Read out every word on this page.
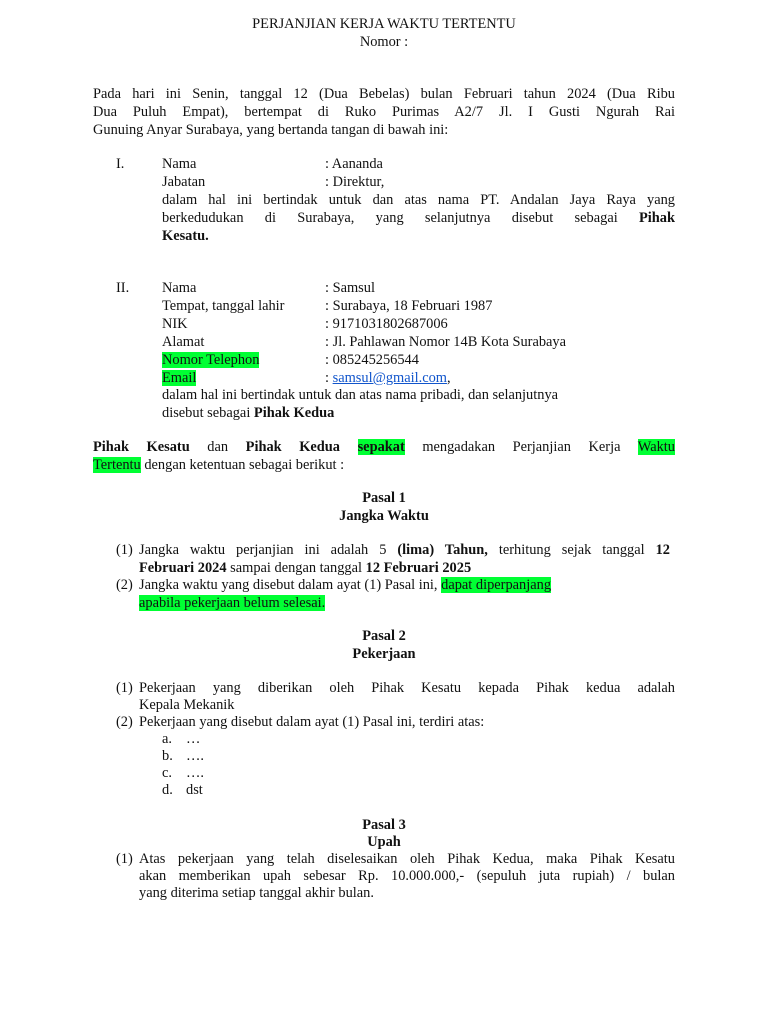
PERJANJIAN KERJA WAKTU TERTENTU
Nomor :
Pada hari ini Senin, tanggal 12 (Dua Bebelas) bulan Februari tahun 2024 (Dua Ribu
Dua Puluh Empat), bertempat di Ruko Purimas A2/7 Jl. I Gusti Ngurah Rai
Gunuing Anyar Surabaya, yang bertanda tangan di bawah ini:
I.	Nama	: Aananda
Jabatan	: Direktur,
dalam hal ini bertindak untuk dan atas nama PT. Andalan Jaya Raya yang
berkedudukan di Surabaya, yang selanjutnya disebut sebagai Pihak
Kesatu.
II. Nama	: Samsul
Tempat, tanggal lahir	: Surabaya, 18 Februari 1987
NIK	: 9171031802687006
Alamat	: Jl. Pahlawan Nomor 14B Kota Surabaya
Nomor Telephon	: 085245256544
Email	: samsul@gmail.com,
dalam hal ini bertindak untuk dan atas nama pribadi, dan selanjutnya
disebut sebagai Pihak Kedua
Pihak Kesatu dan Pihak Kedua sepakat mengadakan Perjanjian Kerja Waktu
Tertentu dengan ketentuan sebagai berikut :
Pasal 1
Jangka Waktu
(1) Jangka waktu perjanjian ini adalah 5 (lima) Tahun, terhitung sejak tanggal 12
Februari 2024 sampai dengan tanggal 12 Februari 2025
(2) Jangka waktu yang disebut dalam ayat (1) Pasal ini, dapat diperpanjang
apabila pekerjaan belum selesai.
Pasal 2
Pekerjaan
(1) Pekerjaan yang diberikan oleh Pihak Kesatu kepada Pihak kedua adalah
Kepala Mekanik
(2) Pekerjaan yang disebut dalam ayat (1) Pasal ini, terdiri atas:
a. …
b. ….
c. ….
d. dst
Pasal 3
Upah
(1) Atas pekerjaan yang telah diselesaikan oleh Pihak Kedua, maka Pihak Kesatu
akan memberikan upah sebesar Rp. 10.000.000,- (sepuluh juta rupiah) / bulan
yang diterima setiap tanggal akhir bulan.
